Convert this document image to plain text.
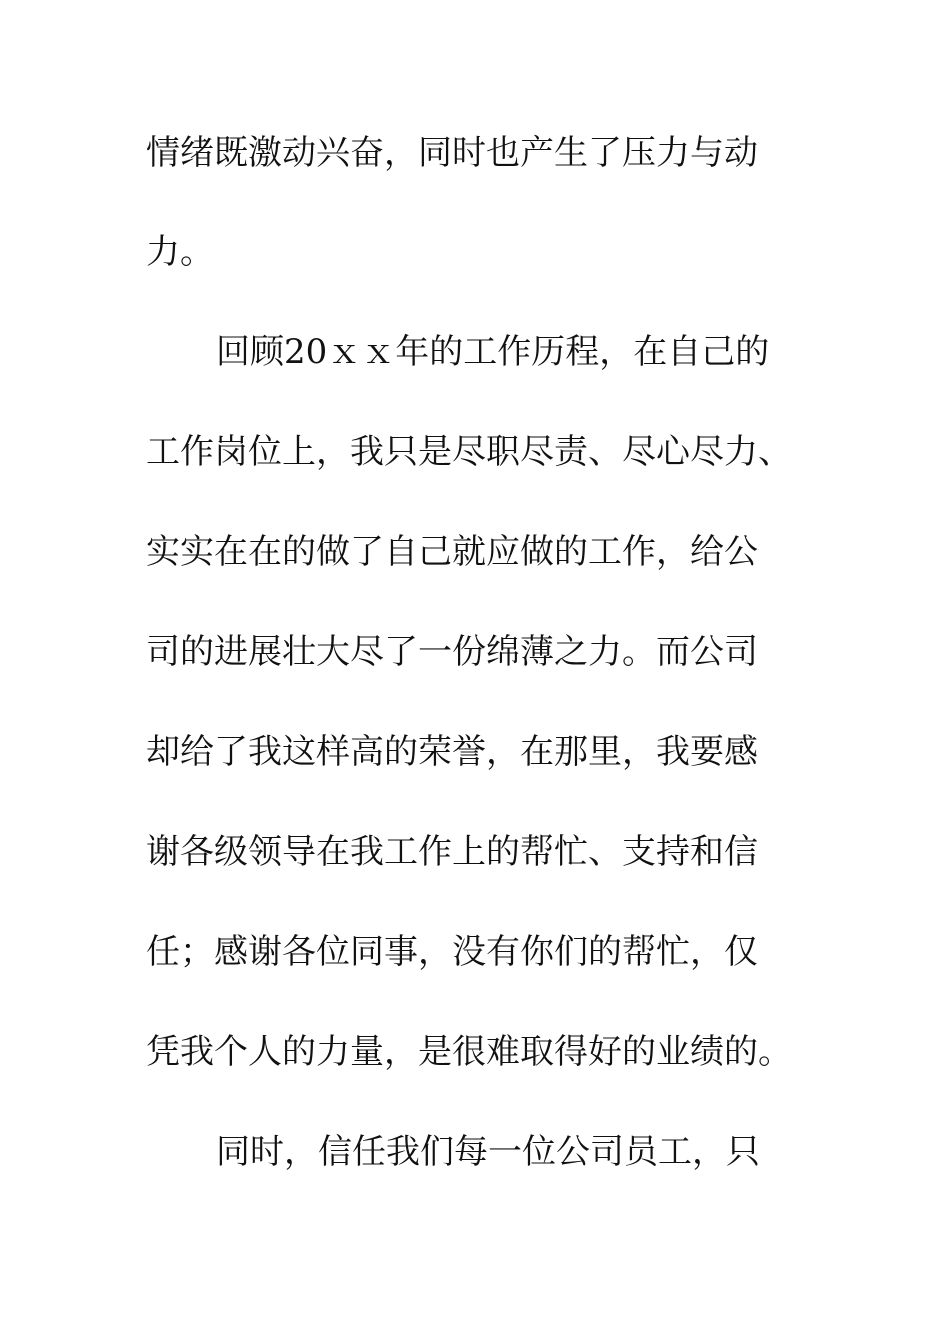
情绪既激动兴奋，同时也产生了压力与动
力。
回顾20ｘｘ年的工作历程，在自己的
工作岗位上，我只是尽职尽责、尽心尽力、
实实在在的做了自己就应做的工作，给公
司的进展壮大尽了一份绵薄之力。而公司
却给了我这样高的荣誉，在那里，我要感
谢各级领导在我工作上的帮忙、支持和信
任；感谢各位同事，没有你们的帮忙，仅
凭我个人的力量，是很难取得好的业绩的。
同时，信任我们每一位公司员工，只
